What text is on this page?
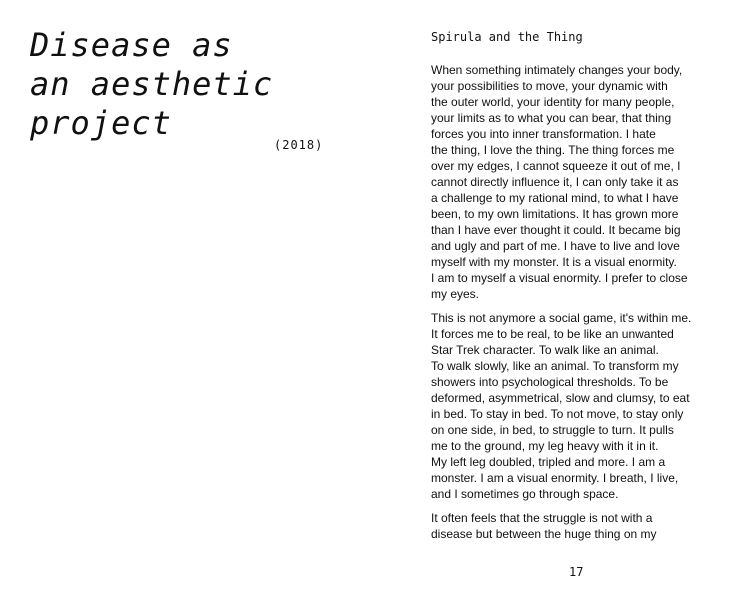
Disease as
an aesthetic
project
(2018)
Spirula and the Thing

When something intimately changes your body,
your possibilities to move, your dynamic with
the outer world, your identity for many people,
your limits as to what you can bear, that thing
forces you into inner transformation. I hate
the thing, I love the thing. The thing forces me
over my edges, I cannot squeeze it out of me, I
cannot directly influence it, I can only take it as
a challenge to my rational mind, to what I have
been, to my own limitations. It has grown more
than I have ever thought it could. It became big
and ugly and part of me. I have to live and love
myself with my monster. It is a visual enormity.
I am to myself a visual enormity. I prefer to close
my eyes.

This is not anymore a social game, it's within me.
It forces me to be real, to be like an unwanted
Star Trek character. To walk like an animal.
To walk slowly, like an animal. To transform my
showers into psychological thresholds. To be
deformed, asymmetrical, slow and clumsy, to eat
in bed. To stay in bed. To not move, to stay only
on one side, in bed, to struggle to turn. It pulls
me to the ground, my leg heavy with it in it.
My left leg doubled, tripled and more. I am a
monster. I am a visual enormity. I breath, I live,
and I sometimes go through space.

It often feels that the struggle is not with a
disease but between the huge thing on my

17
